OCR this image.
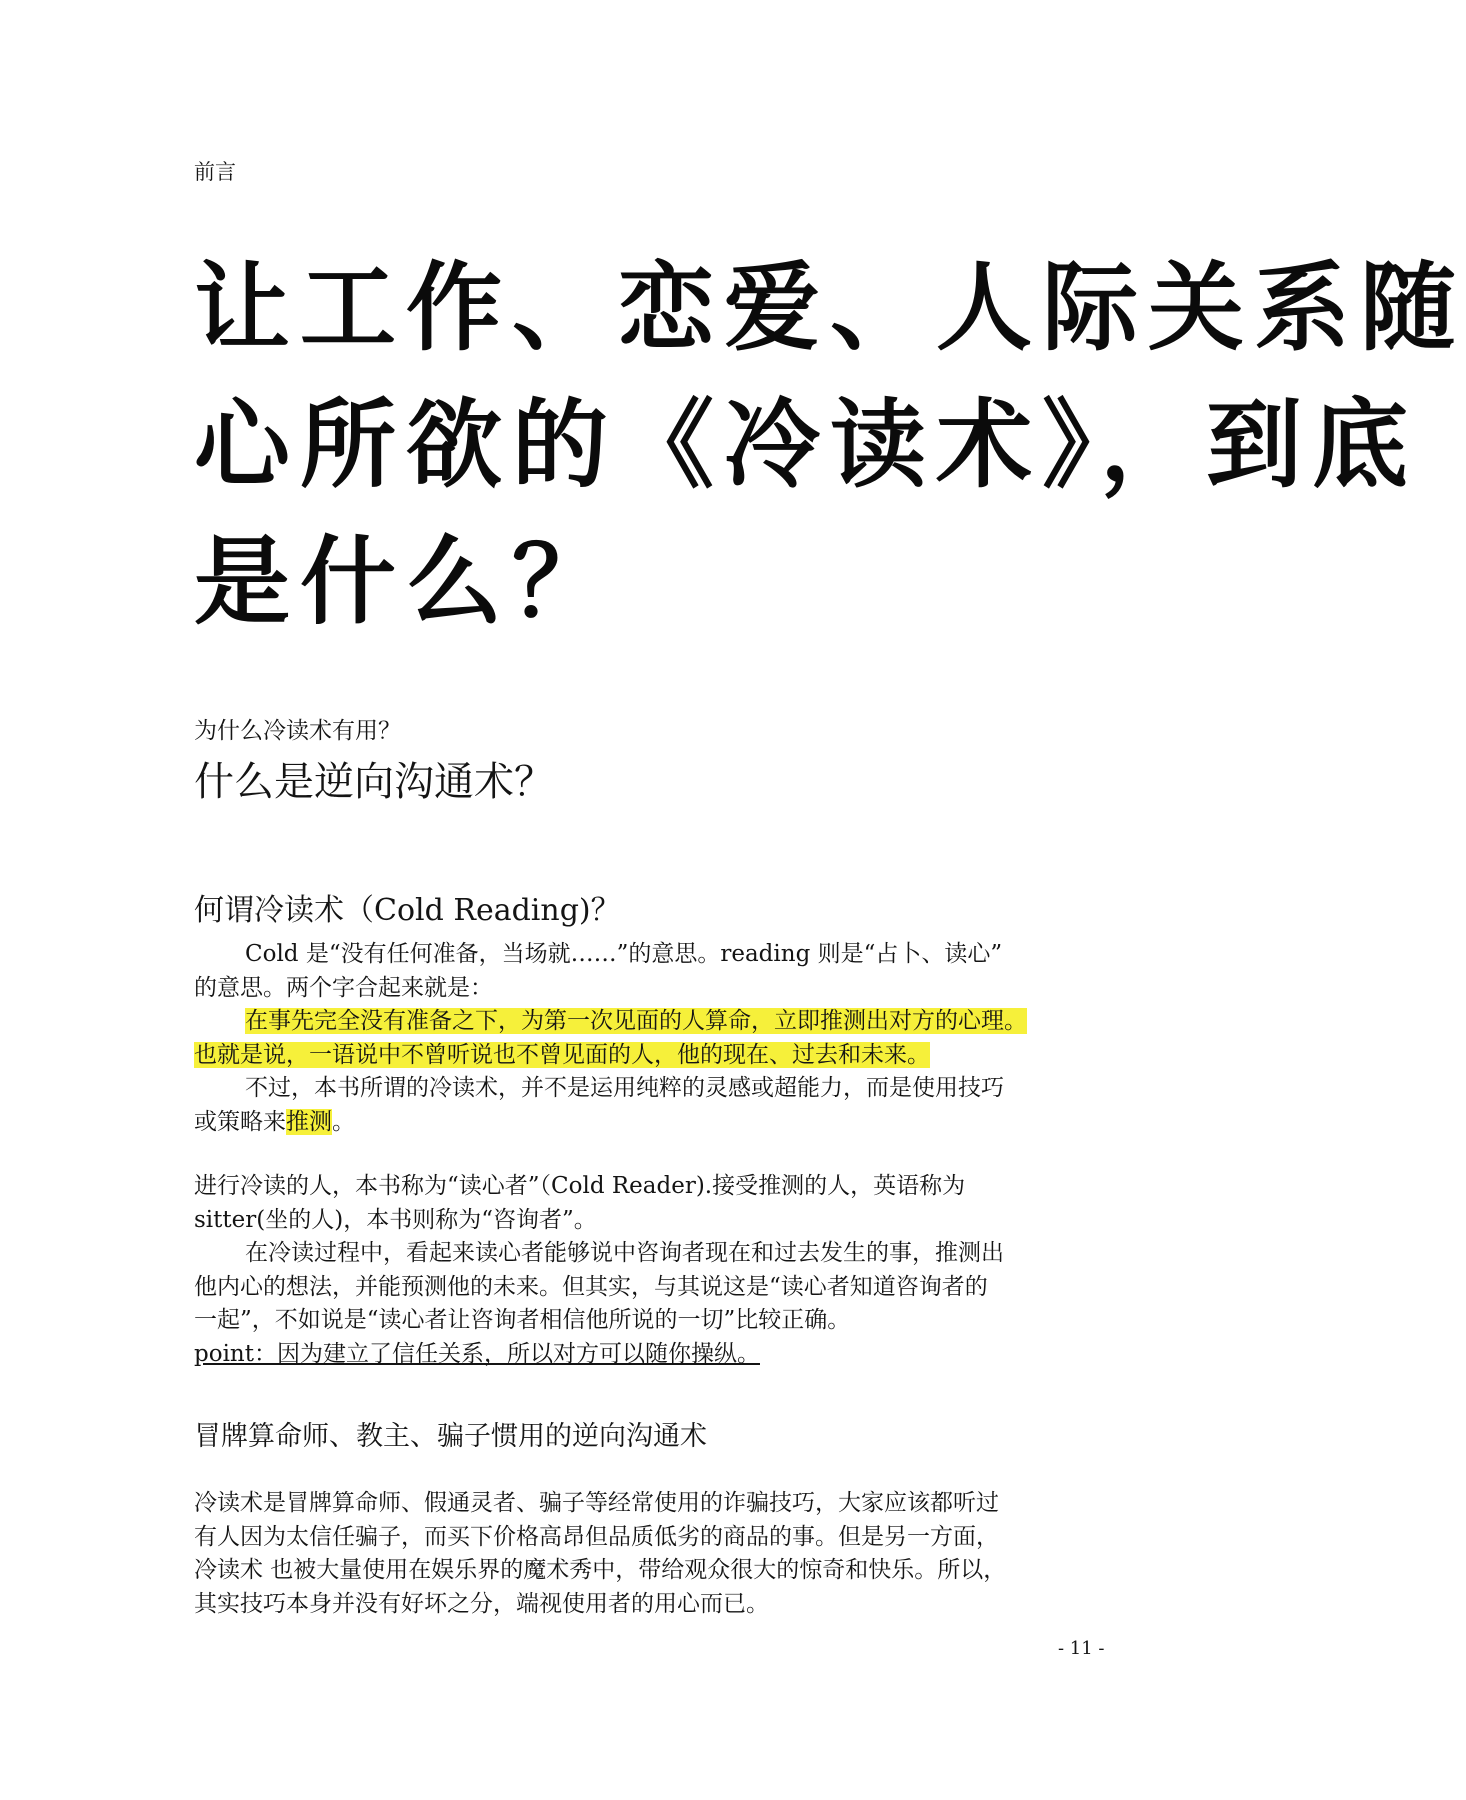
前言
让工作、恋爱、人际关系随
心所欲的《冷读术》，到底
是什么？
为什么冷读术有用？
什么是逆向沟通术？
何谓冷读术（Cold Reading)？

Cold 是“没有任何准备，当场就……”的意思。reading 则是“占卜、读心”

的意思。两个字合起来就是：

在事先完全没有准备之下，为第一次见面的人算命，立即推测出对方的心理。

也就是说，一语说中不曾听说也不曾见面的人，他的现在、过去和未来。

不过，本书所谓的冷读术，并不是运用纯粹的灵感或超能力，而是使用技巧

或策略来推测。

进行冷读的人，本书称为“读心者”（Cold Reader).接受推测的人，英语称为

sitter(坐的人)，本书则称为“咨询者”。

在冷读过程中，看起来读心者能够说中咨询者现在和过去发生的事，推测出

他内心的想法，并能预测他的未来。但其实，与其说这是“读心者知道咨询者的

一起”，不如说是“读心者让咨询者相信他所说的一切”比较正确。

point：因为建立了信任关系，所以对方可以随你操纵。

冒牌算命师、教主、骗子惯用的逆向沟通术

冷读术是冒牌算命师、假通灵者、骗子等经常使用的诈骗技巧，大家应该都听过

有人因为太信任骗子，而买下价格高昂但品质低劣的商品的事。但是另一方面，

冷读术 也被大量使用在娱乐界的魔术秀中，带给观众很大的惊奇和快乐。所以，

其实技巧本身并没有好坏之分，端视使用者的用心而已。

- 11 -
